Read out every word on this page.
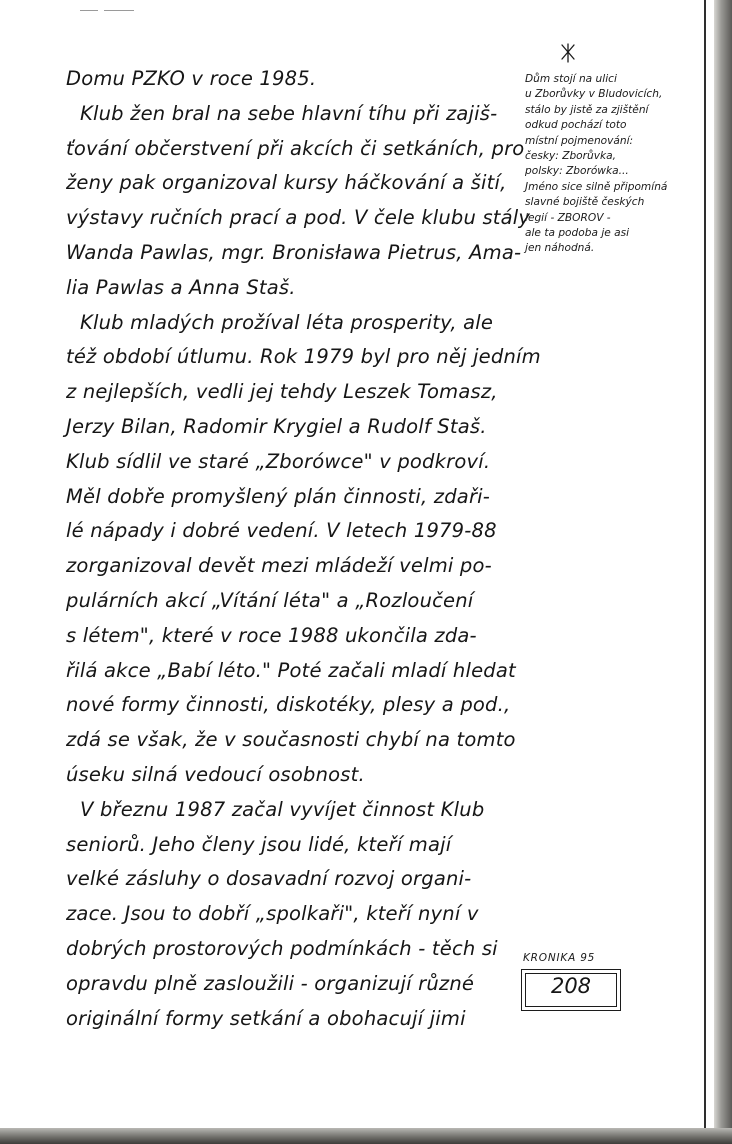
Domu PZKO v roce 1985.
Klub žen bral na sebe hlavní tíhu při zajiš-
ťování občerstvení při akcích či setkáních, pro
ženy pak organizoval kursy háčkování a šití,
výstavy ručních prací a pod. V čele klubu stály
Wanda Pawlas, mgr. Bronisława Pietrus, Ama-
lia Pawlas a Anna Staš.
Klub mladých prožíval léta prosperity, ale
též období útlumu. Rok 1979 byl pro něj jedním
z nejlepších, vedli jej tehdy Leszek Tomasz,
Jerzy Bilan, Radomir Krygiel a Rudolf Staš.
Klub sídlil ve staré „Zborówce" v podkroví.
Měl dobře promyšlený plán činnosti, zdaři-
lé nápady i dobré vedení. V letech 1979-88
zorganizoval devět mezi mládeží velmi po-
pulárních akcí „Vítání léta" a „Rozloučení
s létem", které v roce 1988 ukončila zda-
řilá akce „Babí léto." Poté začali mladí hledat
nové formy činnosti, diskotéky, plesy a pod.,
zdá se však, že v současnosti chybí na tomto
úseku silná vedoucí osobnost.
V březnu 1987 začal vyvíjet činnost Klub
seniorů. Jeho členy jsou lidé, kteří mají
velké zásluhy o dosavadní rozvoj organi-
zace. Jsou to dobří „spolkaři", kteří nyní v
dobrých prostorových podmínkách - těch si
opravdu plně zasloužili - organizují různé
originální formy setkání a obohacují jimi
Dům stojí na ulici
u Zborůvky v Bludovicích,
stálo by jistě za zjištění
odkud pochází toto
místní pojmenování:
česky: Zborůvka,
polsky: Zborówka...
Jméno sice silně připomíná
slavné bojiště českých
legií - ZBOROV -
ale ta podoba je asi
jen náhodná.
KRONIKA 95
208
